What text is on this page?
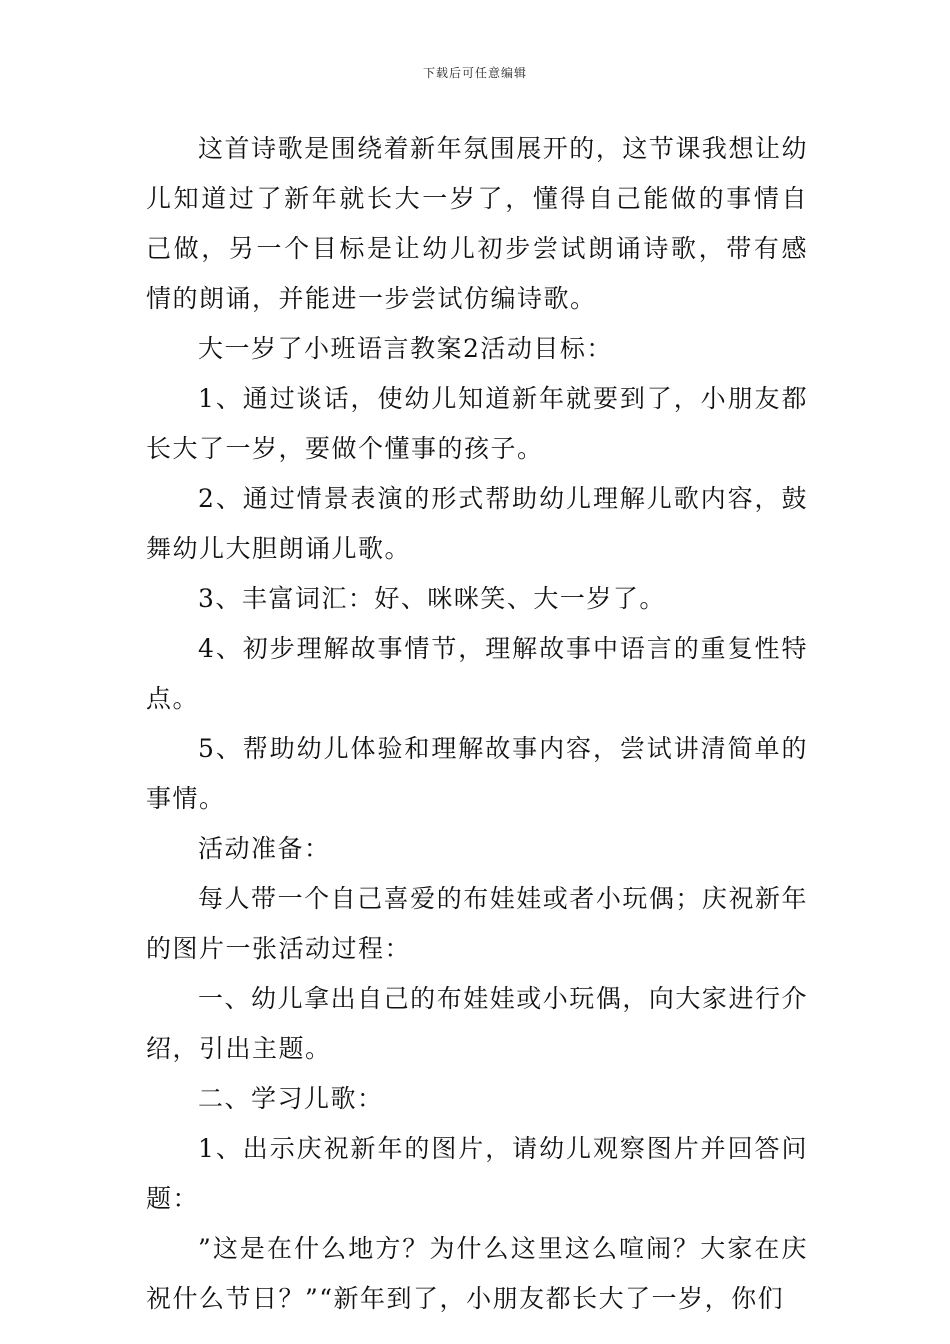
下载后可任意编辑

这首诗歌是围绕着新年氛围展开的，这节课我想让幼儿知道过了新年就长大一岁了，懂得自己能做的事情自己做，另一个目标是让幼儿初步尝试朗诵诗歌，带有感情的朗诵，并能进一步尝试仿编诗歌。

大一岁了小班语言教案2活动目标：

1、通过谈话，使幼儿知道新年就要到了，小朋友都长大了一岁，要做个懂事的孩子。

2、通过情景表演的形式帮助幼儿理解儿歌内容，鼓舞幼儿大胆朗诵儿歌。

3、丰富词汇：好、咪咪笑、大一岁了。

4、初步理解故事情节，理解故事中语言的重复性特点。

5、帮助幼儿体验和理解故事内容，尝试讲清简单的事情。

活动准备：

每人带一个自己喜爱的布娃娃或者小玩偶；庆祝新年的图片一张活动过程：

一、幼儿拿出自己的布娃娃或小玩偶，向大家进行介绍，引出主题。

二、学习儿歌：

1、出示庆祝新年的图片，请幼儿观察图片并回答问题：

”这是在什么地方？为什么这里这么喧闹？大家在庆祝什么节日？”“新年到了，小朋友都长大了一岁，你们
